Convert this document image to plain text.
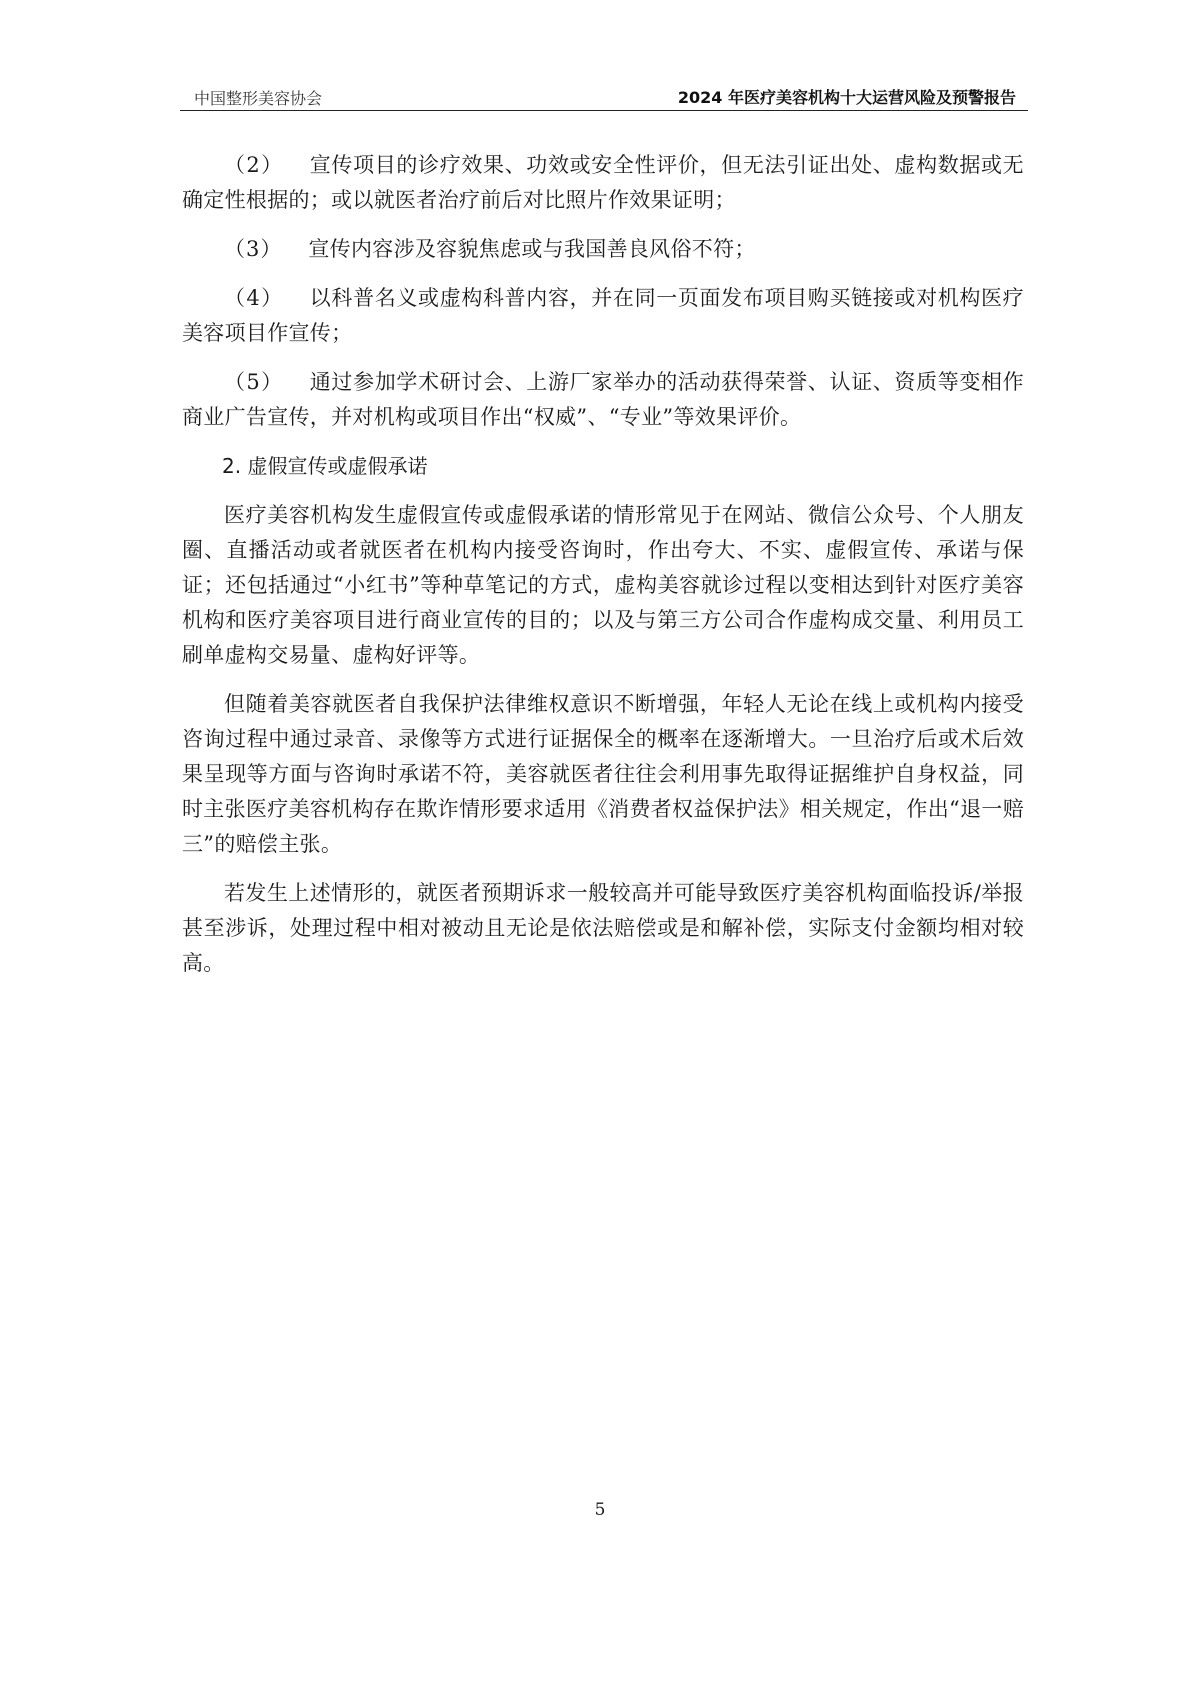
中国整形美容协会	2024 年医疗美容机构十大运营风险及预警报告

（2） 宣传项目的诊疗效果、功效或安全性评价，但无法引证出处、虚构数据或无确定性根据的；或以就医者治疗前后对比照片作效果证明；

（3） 宣传内容涉及容貌焦虑或与我国善良风俗不符；

（4） 以科普名义或虚构科普内容，并在同一页面发布项目购买链接或对机构医疗美容项目作宣传；

（5） 通过参加学术研讨会、上游厂家举办的活动获得荣誉、认证、资质等变相作商业广告宣传，并对机构或项目作出“权威”、“专业”等效果评价。

2. 虚假宣传或虚假承诺

医疗美容机构发生虚假宣传或虚假承诺的情形常见于在网站、微信公众号、个人朋友圈、直播活动或者就医者在机构内接受咨询时，作出夸大、不实、虚假宣传、承诺与保证；还包括通过“小红书”等种草笔记的方式，虚构美容就诊过程以变相达到针对医疗美容机构和医疗美容项目进行商业宣传的目的；以及与第三方公司合作虚构成交量、利用员工刷单虚构交易量、虚构好评等。

但随着美容就医者自我保护法律维权意识不断增强，年轻人无论在线上或机构内接受咨询过程中通过录音、录像等方式进行证据保全的概率在逐渐增大。一旦治疗后或术后效果呈现等方面与咨询时承诺不符，美容就医者往往会利用事先取得证据维护自身权益，同时主张医疗美容机构存在欺诈情形要求适用《消费者权益保护法》相关规定，作出“退一赔三”的赔偿主张。

若发生上述情形的，就医者预期诉求一般较高并可能导致医疗美容机构面临投诉/举报甚至涉诉，处理过程中相对被动且无论是依法赔偿或是和解补偿，实际支付金额均相对较高。

5
